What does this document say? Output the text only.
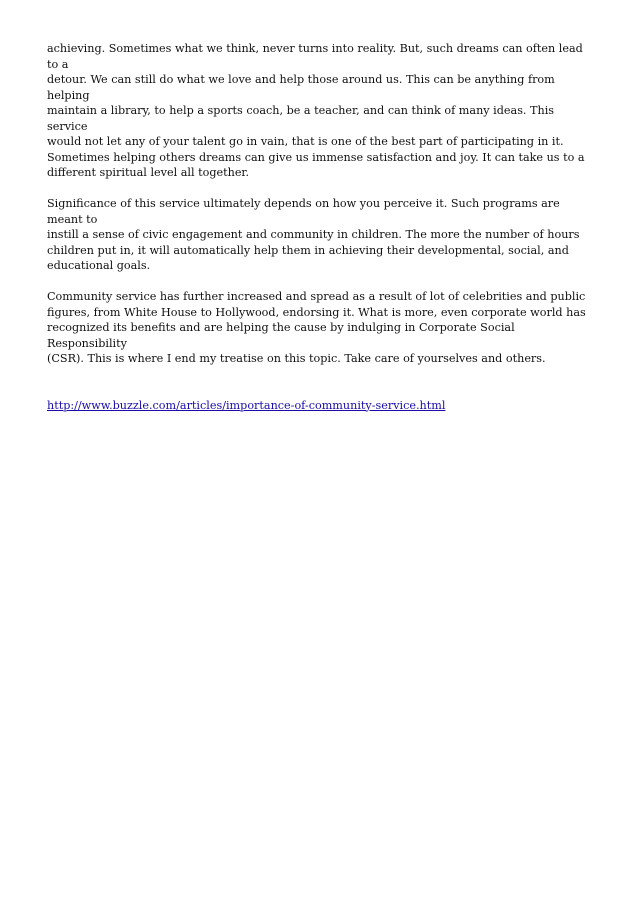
achieving. Sometimes what we think, never turns into reality. But, such dreams can often lead to a
detour. We can still do what we love and help those around us. This can be anything from helping
maintain a library, to help a sports coach, be a teacher, and can think of many ideas. This service
would not let any of your talent go in vain, that is one of the best part of participating in it.
Sometimes helping others dreams can give us immense satisfaction and joy. It can take us to a
different spiritual level all together.

Significance of this service ultimately depends on how you perceive it. Such programs are meant to
instill a sense of civic engagement and community in children. The more the number of hours
children put in, it will automatically help them in achieving their developmental, social, and
educational goals.

Community service has further increased and spread as a result of lot of celebrities and public
figures, from White House to Hollywood, endorsing it. What is more, even corporate world has
recognized its benefits and are helping the cause by indulging in Corporate Social Responsibility
(CSR). This is where I end my treatise on this topic. Take care of yourselves and others.

http://www.buzzle.com/articles/importance-of-community-service.html
